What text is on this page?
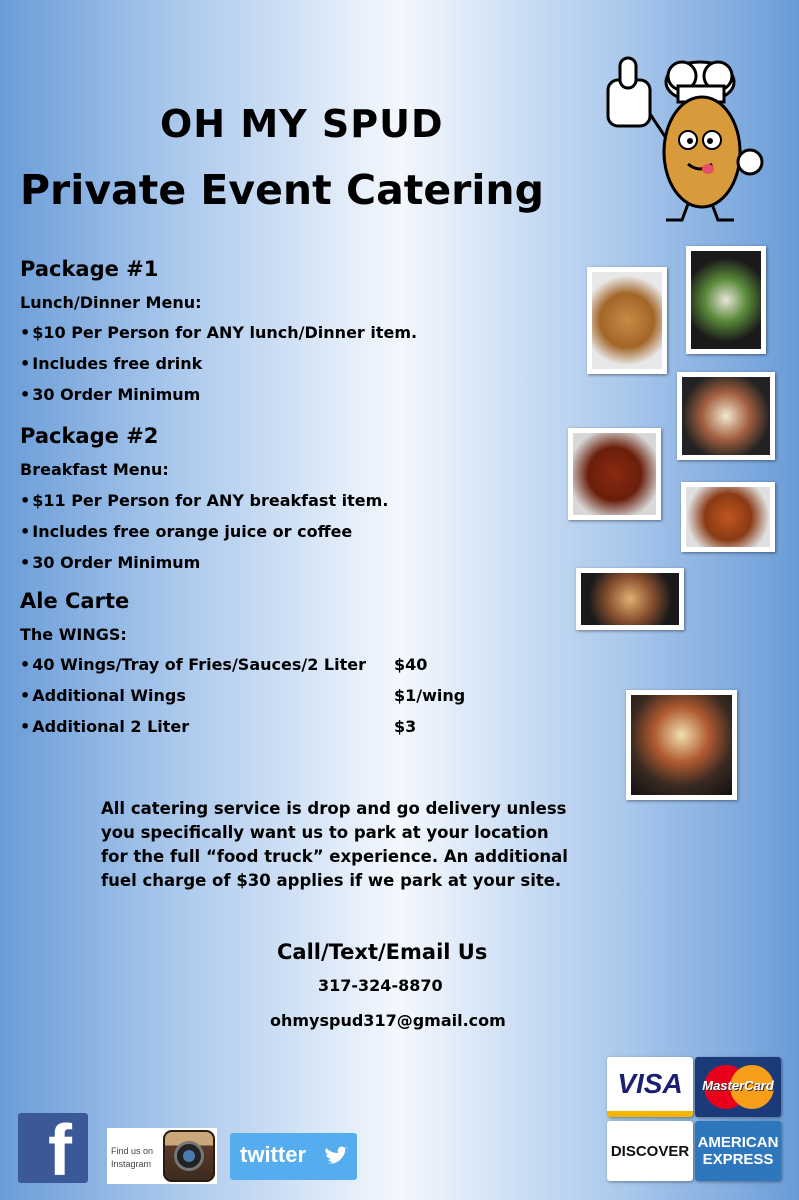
OH MY SPUD
Private Event Catering
Package #1
Lunch/Dinner Menu:
• $10 Per Person for ANY lunch/Dinner item.
• Includes free drink
• 30 Order Minimum
Package #2
Breakfast Menu:
• $11 Per Person for ANY breakfast item.
• Includes free orange juice or coffee
• 30 Order Minimum
Ale Carte
The WINGS:
• 40 Wings/Tray of Fries/Sauces/2 Liter $40
• Additional Wings	$1/wing
• Additional 2 Liter	$3
All catering service is drop and go delivery unless you specifically want us to park at your location for the full “food truck” experience. An additional fuel charge of $30 applies if we park at your site.
Call/Text/Email Us
317-324-8870
ohmyspud317@gmail.com
VISA MasterCard
DISCOVER AMERICAN
EXPRESS
f	Find us on
Instagram	twitter
